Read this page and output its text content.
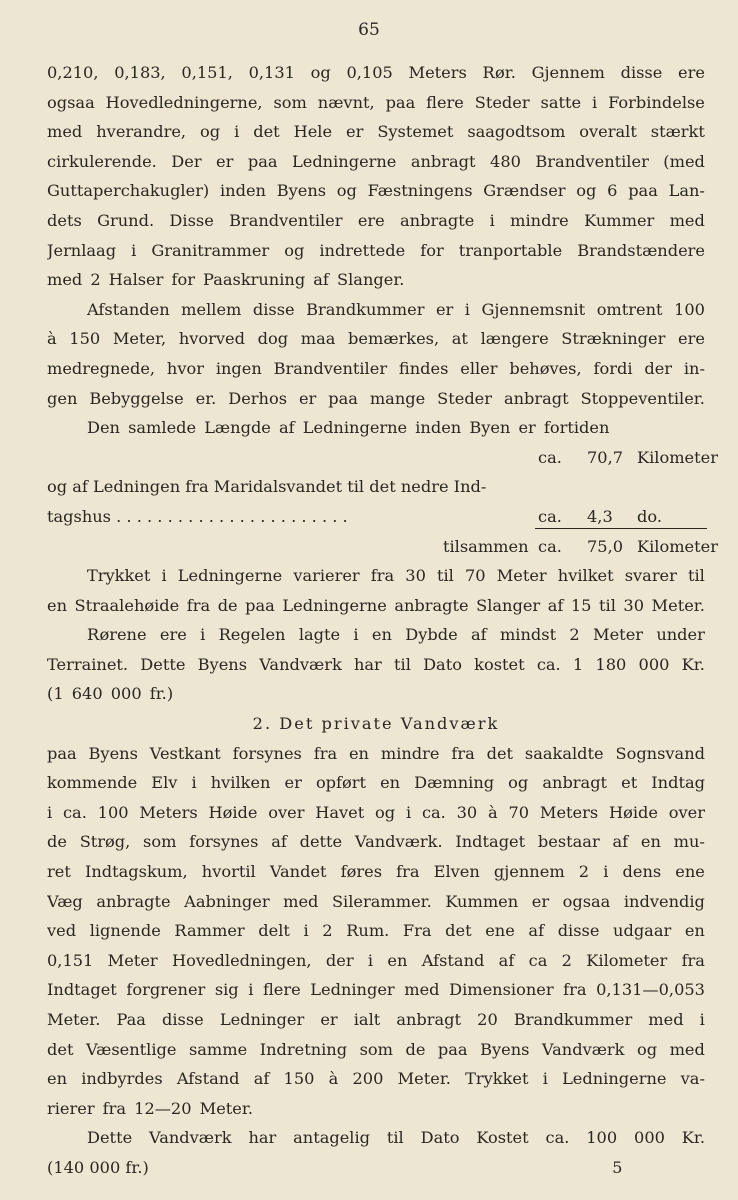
65
0,210, 0,183, 0,151, 0,131 og 0,105 Meters Rør. Gjennem disse ere
ogsaa Hovedledningerne, som nævnt, paa flere Steder satte i Forbindelse
med hverandre, og i det Hele er Systemet saagodtsom overalt stærkt
cirkulerende. Der er paa Ledningerne anbragt 480 Brandventiler (med
Guttaperchakugler) inden Byens og Fæstningens Grændser og 6 paa Lan-
dets Grund. Disse Brandventiler ere anbragte i mindre Kummer med
Jernlaag i Granitrammer og indrettede for tranportable Brandstændere
med 2 Halser for Paaskruning af Slanger.
Afstanden mellem disse Brandkummer er i Gjennemsnit omtrent 100
à 150 Meter, hvorved dog maa bemærkes, at længere Strækninger ere
medregnede, hvor ingen Brandventiler findes eller behøves, fordi der in-
gen Bebyggelse er. Derhos er paa mange Steder anbragt Stoppeventiler.
Den samlede Længde af Ledningerne inden Byen er fortiden
ca. 70,7 Kilometer
og af Ledningen fra Maridalsvandet til det nedre Ind-
tagshus . . . . . . . . . . . . . . . . . . . . . . .	ca. 4,3 do.
tilsammen ca. 75,0 Kilometer
Trykket i Ledningerne varierer fra 30 til 70 Meter hvilket svarer til
en Straalehøide fra de paa Ledningerne anbragte Slanger af 15 til 30 Meter.
Rørene ere i Regelen lagte i en Dybde af mindst 2 Meter under
Terrainet. Dette Byens Vandværk har til Dato kostet ca. 1 180 000 Kr.
(1 640 000 fr.)
2. Det private Vandværk
paa Byens Vestkant forsynes fra en mindre fra det saakaldte Sognsvand kommende Elv i hvilken er opført en Dæmning og anbragt et Indtag
i ca. 100 Meters Høide over Havet og i ca. 30 à 70 Meters Høide over
de Strøg, som forsynes af dette Vandværk. Indtaget bestaar af en mu-
ret Indtagskum, hvortil Vandet føres fra Elven gjennem 2 i dens ene
Væg anbragte Aabninger med Silerammer. Kummen er ogsaa indvendig
ved lignende Rammer delt i 2 Rum. Fra det ene af disse udgaar en
0,151 Meter Hovedledningen, der i en Afstand af ca 2 Kilometer fra
Indtaget forgrener sig i flere Ledninger med Dimensioner fra 0,131—0,053
Meter. Paa disse Ledninger er ialt anbragt 20 Brandkummer med i
det Væsentlige samme Indretning som de paa Byens Vandværk og med
en indbyrdes Afstand af 150 à 200 Meter. Trykket i Ledningerne va-
rierer fra 12—20 Meter.
Dette Vandværk har antagelig til Dato Kostet ca. 100 000 Kr.
(140 000 fr.)	5
